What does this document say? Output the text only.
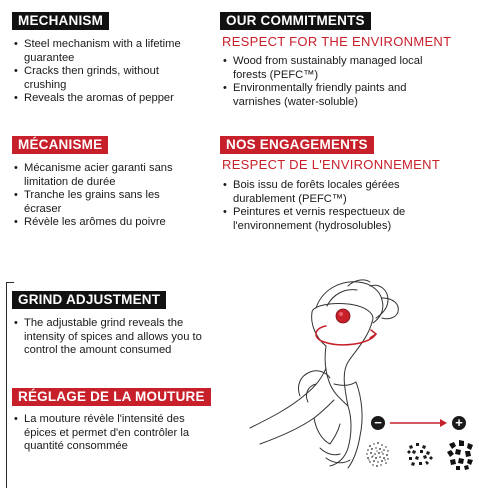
MECHANISM
• Steel mechanism with a lifetime guarantee
• Cracks then grinds, without crushing
• Reveals the aromas of pepper
MÉCANISME
• Mécanisme acier garanti sans limitation de durée
• Tranche les grains sans les écraser
• Révèle les arômes du poivre
OUR COMMITMENTS
RESPECT FOR THE ENVIRONMENT
• Wood from sustainably managed local forests (PEFC™)
• Environmentally friendly paints and varnishes (water-soluble)
NOS ENGAGEMENTS
RESPECT DE L'ENVIRONNEMENT
• Bois issu de forêts locales gérées durablement (PEFC™)
• Peintures et vernis respectueux de l'environnement (hydrosolubles)
GRIND ADJUSTMENT
• The adjustable grind reveals the intensity of spices and allows you to control the amount consumed
RÉGLAGE DE LA MOUTURE
• La mouture révèle l'intensité des épices et permet d'en contrôler la quantité consommée
−	+
